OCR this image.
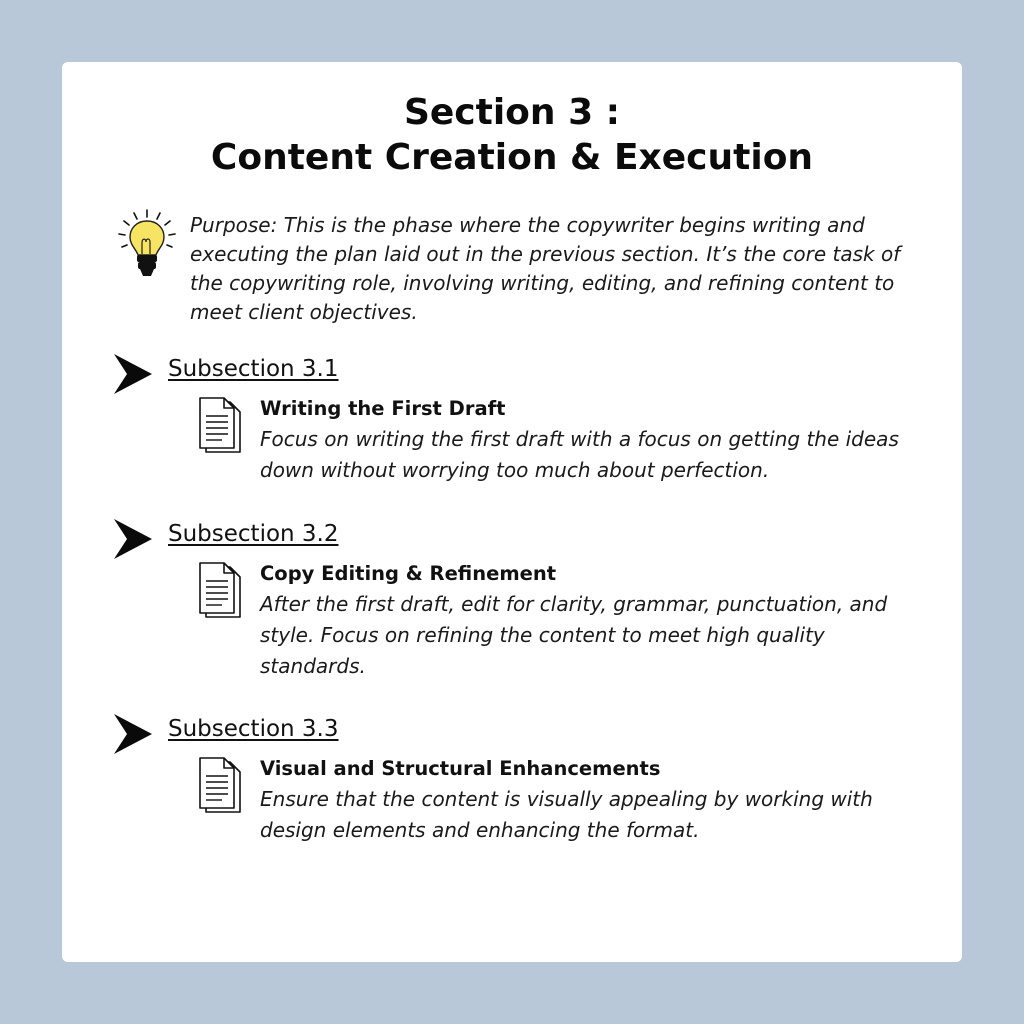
Section 3 :
Content Creation & Execution

Purpose: This is the phase where the copywriter begins writing and executing the plan laid out in the previous section. It’s the core task of the copywriting role, involving writing, editing, and refining content to meet client objectives.

Subsection 3.1
Writing the First Draft

Focus on writing the first draft with a focus on getting the ideas down without worrying too much about perfection.

Subsection 3.2
Copy Editing & Refinement

After the first draft, edit for clarity, grammar, punctuation, and style. Focus on refining the content to meet high quality standards.

Subsection 3.3
Visual and Structural Enhancements

Ensure that the content is visually appealing by working with design elements and enhancing the format.
